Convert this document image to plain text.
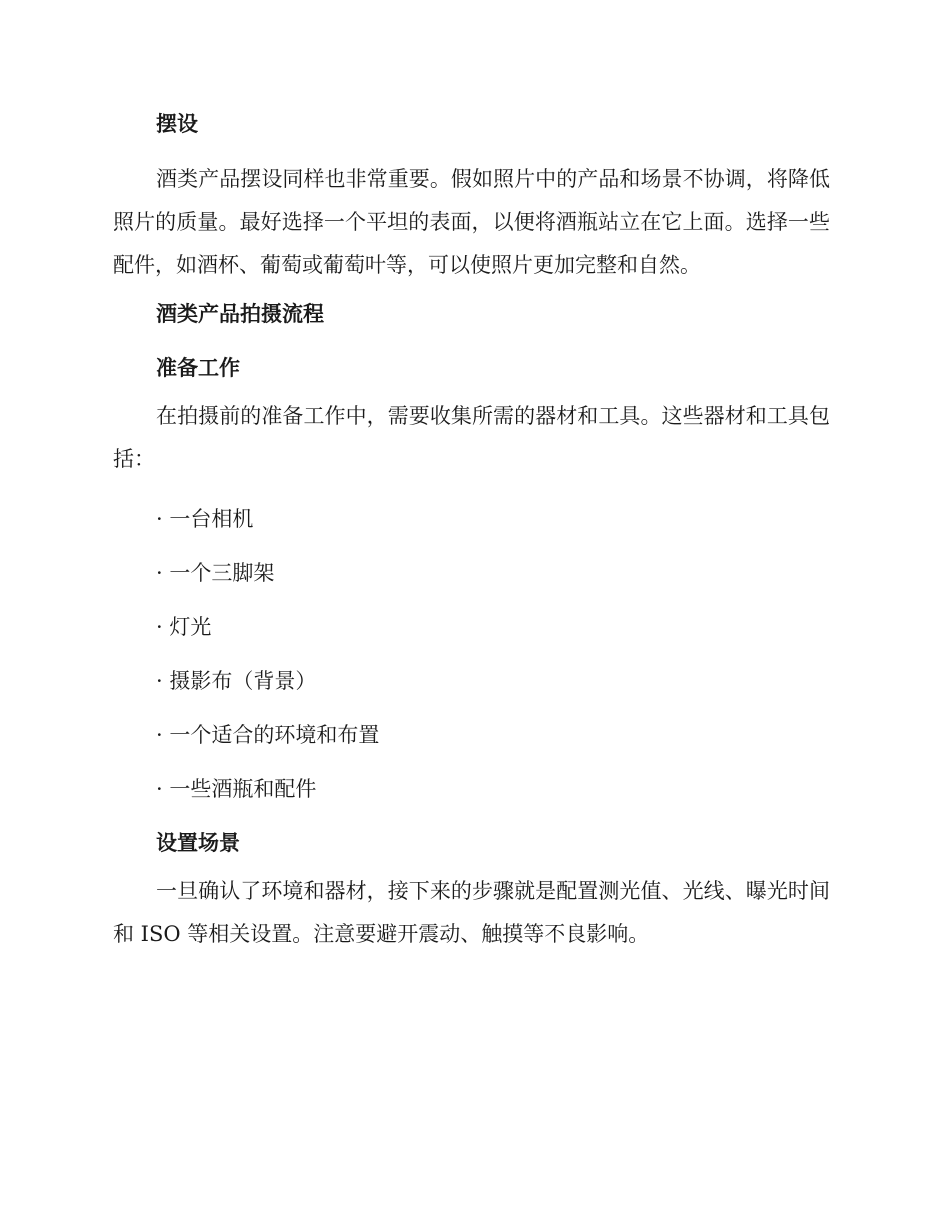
摆设

酒类产品摆设同样也非常重要。假如照片中的产品和场景不协调，将降低照片的质量。最好选择一个平坦的表面，以便将酒瓶站立在它上面。选择一些配件，如酒杯、葡萄或葡萄叶等，可以使照片更加完整和自然。

酒类产品拍摄流程

准备工作

在拍摄前的准备工作中，需要收集所需的器材和工具。这些器材和工具包括：

· 一台相机

· 一个三脚架

· 灯光

· 摄影布（背景）

· 一个适合的环境和布置

· 一些酒瓶和配件

设置场景

一旦确认了环境和器材，接下来的步骤就是配置测光值、光线、曝光时间和 ISO 等相关设置。注意要避开震动、触摸等不良影响。
